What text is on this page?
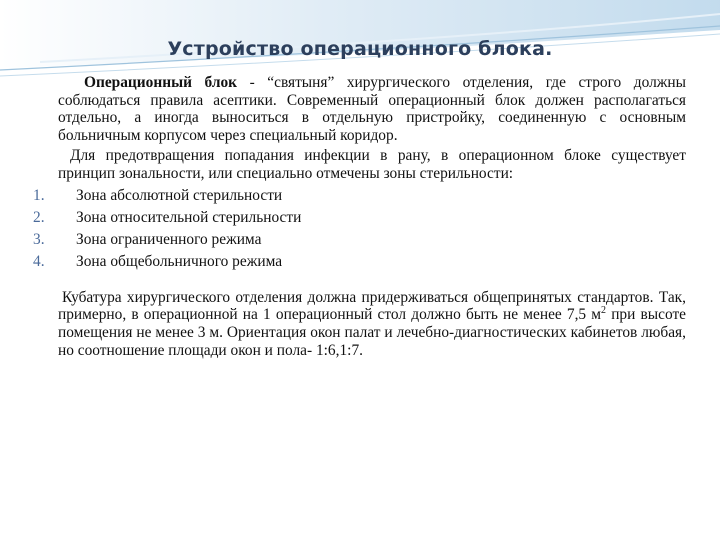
Устройство операционного блока.

Операционный блок - “святыня” хирургического отделения, где строго должны соблюдаться правила асептики. Современный операционный блок должен располагаться отдельно, а иногда выноситься в отдельную пристройку, соединенную с основным больничным корпусом через специальный коридор.

Для предотвращения попадания инфекции в рану, в операционном блоке существует принцип зональности, или специально отмечены зоны стерильности:

1. Зона абсолютной стерильности
2. Зона относительной стерильности
3. Зона ограниченного режима
4. Зона общебольничного режима

Кубатура хирургического отделения должна придерживаться общепринятых стандартов. Так, примерно, в операционной на 1 операционный стол должно быть не менее 7,5 $м^2$ при высоте помещения не менее 3 м. Ориентация окон палат и лечебно-диагностических кабинетов любая, но соотношение площади окон и пола- 1:6,1:7.
